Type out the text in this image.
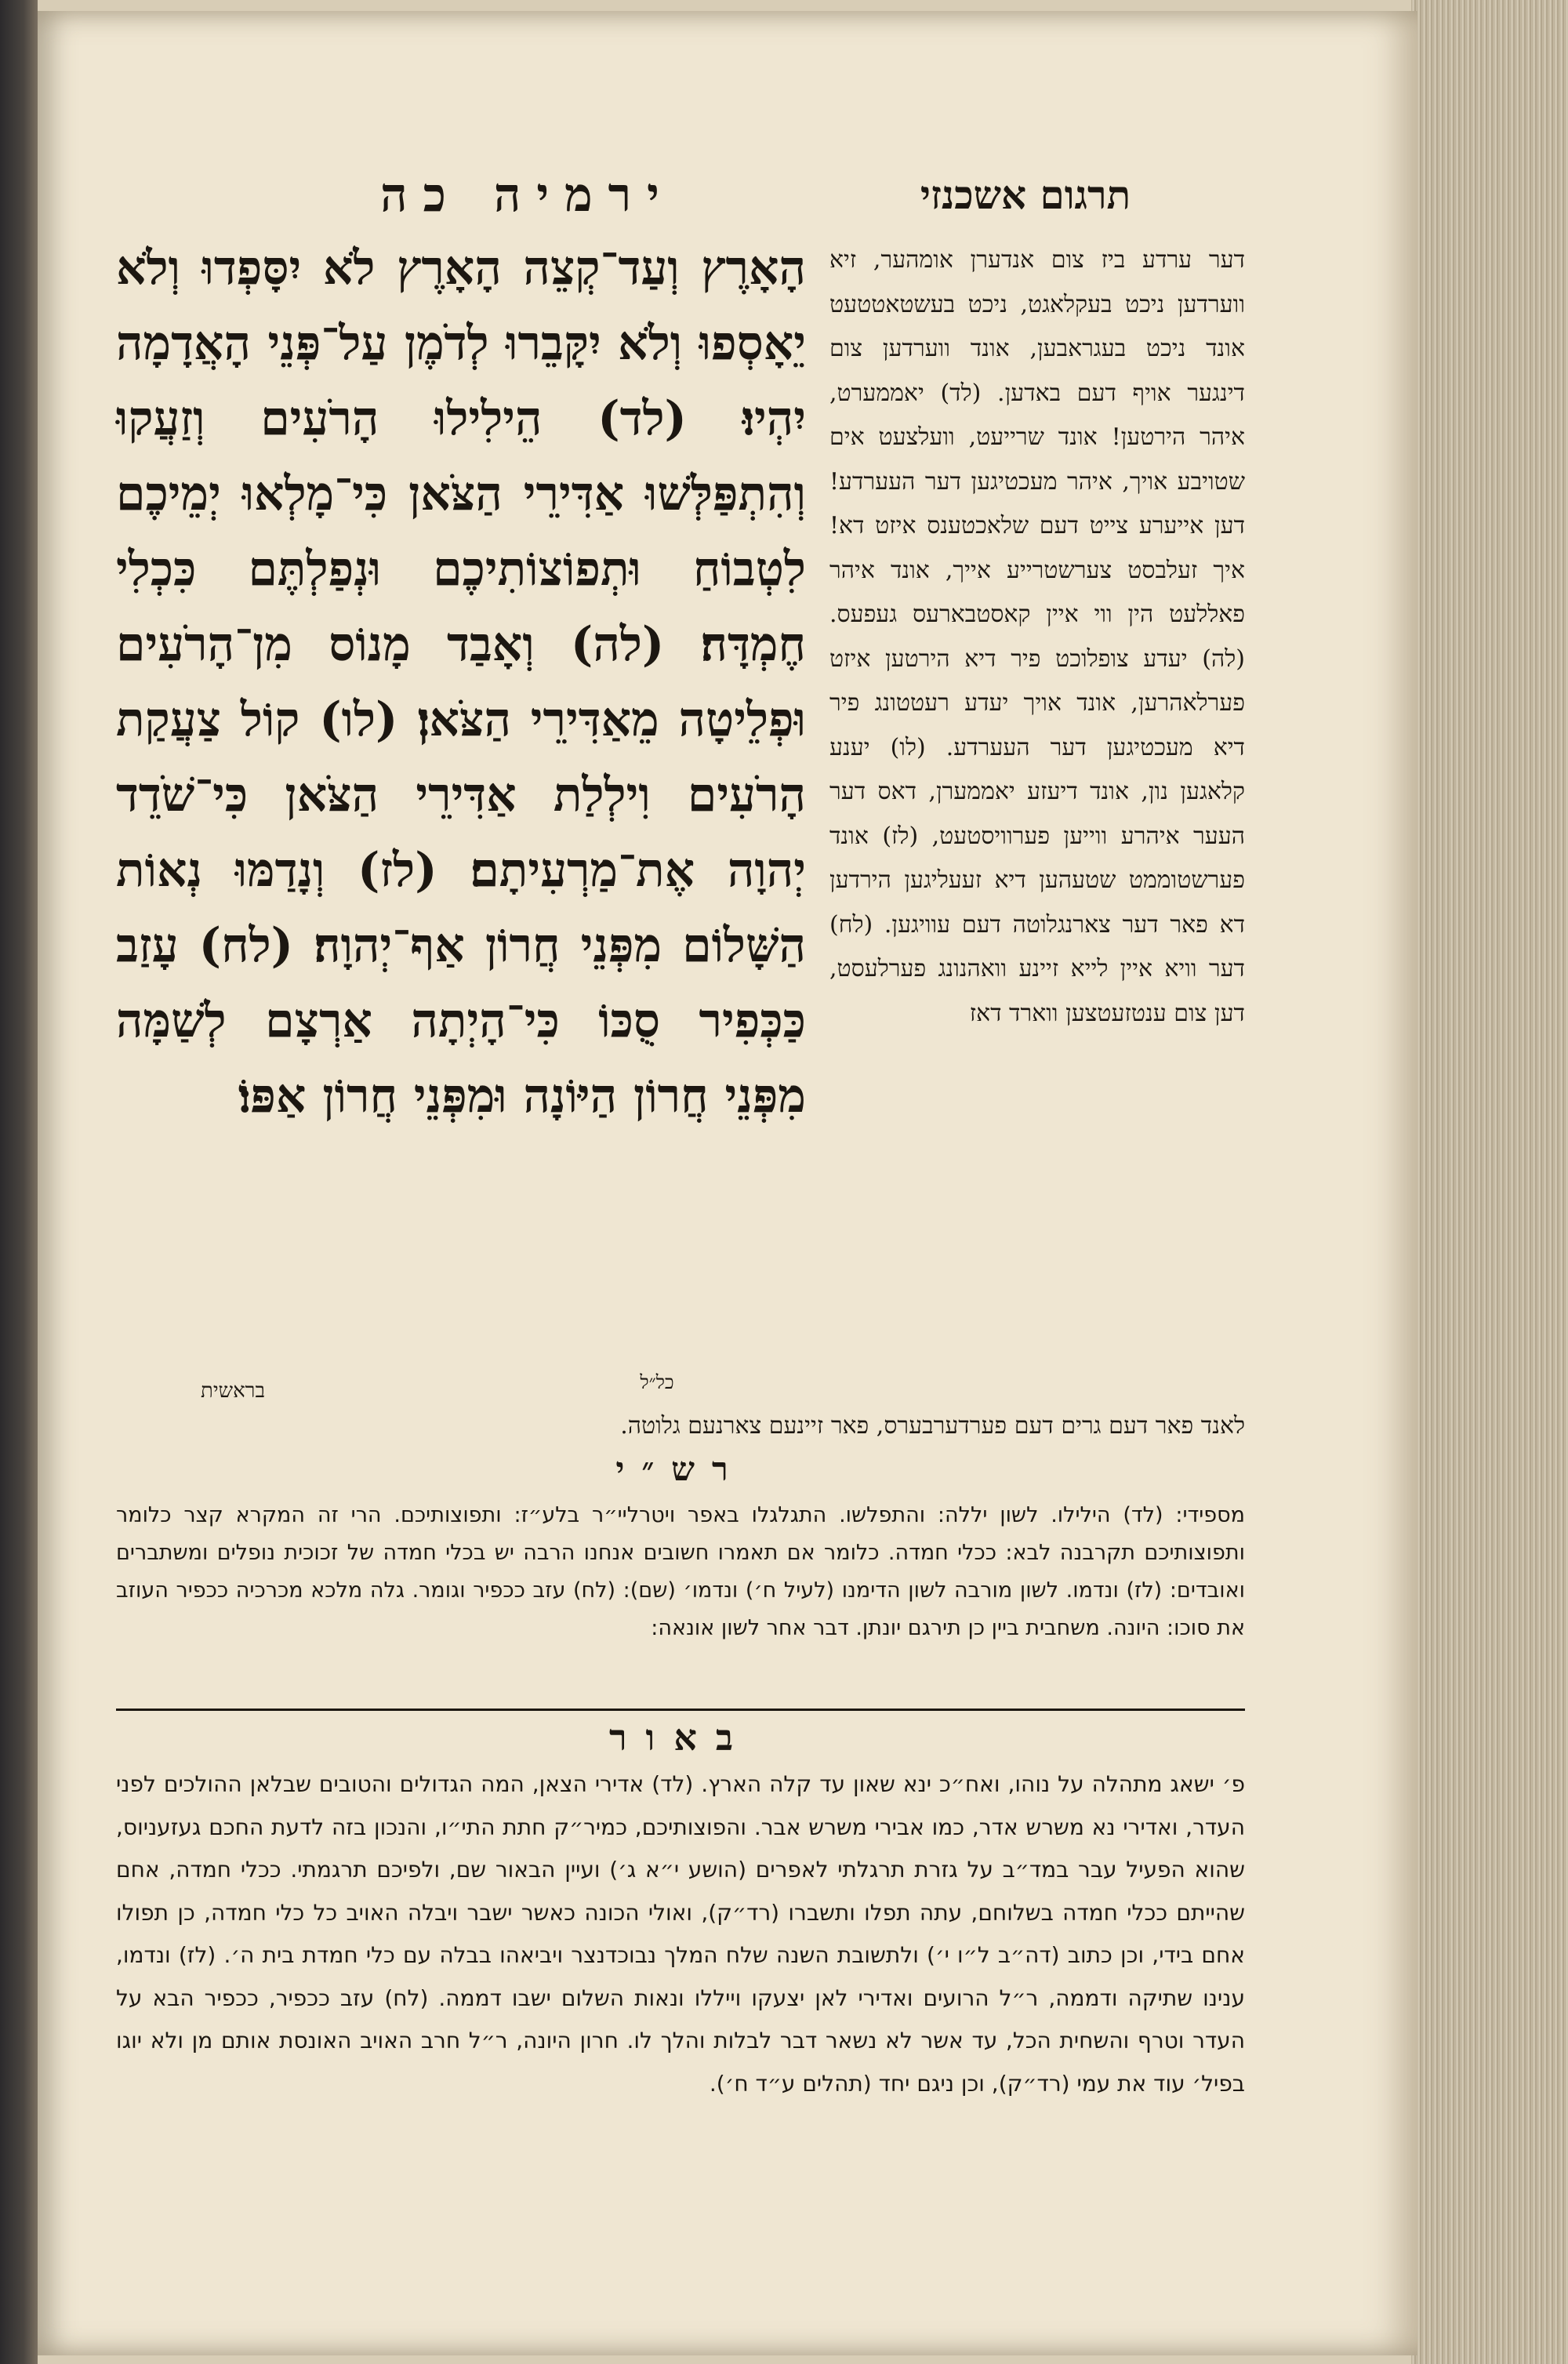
ירמיה כה	תרגום אשכנזי
הָאָרֶץ וְעַד־קְצֵה הָאָרֶץ לֹא יִסָּפְדוּ וְלֹא יֵאָסְפוּ וְלֹא יִקָּבֵרוּ לְדֹמֶן עַל־פְּנֵי הָאֲדָמָה יִהְיוּ׃ (לד) הֵילִילוּ הָרֹעִים וְזַעֲקוּ וְהִתְפַּלְּשׁוּ אַדִּירֵי הַצֹּאן כִּי־מָלְאוּ יְמֵיכֶם לִטְבוֹחַ וּתְפוֹצוֹתִיכֶם וּנְפַלְתֶּם כִּכְלִי חֶמְדָּה׃ (לה) וְאָבַד מָנוֹס מִן־הָרֹעִים וּפְלֵיטָה מֵאַדִּירֵי הַצֹּאן׃ (לו) קוֹל צַעֲקַת הָרֹעִים וִילְלַת אַדִּירֵי הַצֹּאן כִּי־שֹׁדֵד יְהוָה אֶת־מַרְעִיתָם׃ (לז) וְנָדַמּוּ נְאוֹת הַשָּׁלוֹם מִפְּנֵי חֲרוֹן אַף־יְהוָה׃ (לח) עָזַב כַּכְּפִיר סֻכּוֹ כִּי־הָיְתָה אַרְצָם לְשַׁמָּה מִפְּנֵי חֲרוֹן הַיּוֹנָה וּמִפְּנֵי חֲרוֹן אַפּוֹ׃
דער ערדע ביז צום אנדערן אומהער, זיא ווערדען ניכט בעקלאגט, ניכט בעשטאטטעט אונד ניכט בעגראבען, אונד ווערדען צום דינגער אויף דעם באדען. (לד) יאממערט, איהר הירטען! אונד שרייעט, וועלצעט אים שטויבע אויך, איהר מעכטיגען דער העערדע! דען אייערע צייט דעם שלאכטענס איזט דא! איך זעלבסט צערשטרייע אייך, אונד איהר פאללעט הין ווי איין קאסטבארעס געפעס. (לה) יעדע צופלוכט פיר דיא הירטען איזט פערלאהרען, אונד אויך יעדע רעטטונג פיר דיא מעכטיגען דער העערדע. (לו) יענע קלאגען נון, אונד דיעזע יאממערן, דאס דער העער איהרע ווייען פערוויסטעט, (לז) אונד פערשטוממט שטעהען דיא זעעליגען הירדען דא פאר דער צארנגלוטה דעם עוויגען. (לח) דער וויא איין לייא זיינע וואהנונג פערלעסט, דען צום ענטזעטצען ווארד דאז
כל״ל
בראשית
לאנד פאר דעם גרים דעם פערדערבערס, פאר זיינעם צארנעם גלוטה.
רש״י
מספידי: (לד) הילילו. לשון יללה: והתפלשו. התגלגלו באפר ויטרליי״ר בלע״ז: ותפוצותיכם. הרי זה המקרא קצר כלומר ותפוצותיכם תקרבנה לבא: ככלי חמדה. כלומר אם תאמרו חשובים אנחנו הרבה יש בכלי חמדה של זכוכית נופלים ומשתברים ואובדים: (לז) ונדמו. לשון מורבה לשון הדימנו (לעיל ח׳) ונדמו׳ (שם): (לח) עזב ככפיר וגומר. גלה מלכא מכרכיה ככפיר העוזב את סוכו: היונה. משחבית ביין כן תירגם יונתן. דבר אחר לשון אונאה:
באור
פ׳ ישאג מתהלה על נוהו, ואח״כ ינא שאון עד קלה הארץ. (לד) אדירי הצאן, המה הגדולים והטובים שבלאן ההולכים לפני העדר, ואדירי נא משרש אדר, כמו אבירי משרש אבר. והפוצותיכם, כמיר״ק חתת התי״ו, והנכון בזה לדעת החכם געזעניוס, שהוא הפעיל עבר במד״ב על גזרת תרגלתי לאפרים (הושע י״א ג׳) ועיין הבאור שם, ולפיכם תרגמתי. ככלי חמדה, אחם שהייתם ככלי חמדה בשלוחם, עתה תפלו ותשברו (רד״ק), ואולי הכונה כאשר ישבר ויבלה האויב כל כלי חמדה, כן תפולו אחם בידי, וכן כתוב (דה״ב ל״ו י׳) ולתשובת השנה שלח המלך נבוכדנצר ויביאהו בבלה עם כלי חמדת בית ה׳. (לז) ונדמו, ענינו שתיקה ודממה, ר״ל הרועים ואדירי לאן יצעקו וייללו ונאות השלום ישבו דממה. (לח) עזב ככפיר, ככפיר הבא על העדר וטרף והשחית הכל, עד אשר לא נשאר דבר לבלות והלך לו. חרון היונה, ר״ל חרב האויב האונסת אותם מן ולא יוגו בפיל׳ עוד את עמי (רד״ק), וכן ניגם יחד (תהלים ע״ד ח׳).
